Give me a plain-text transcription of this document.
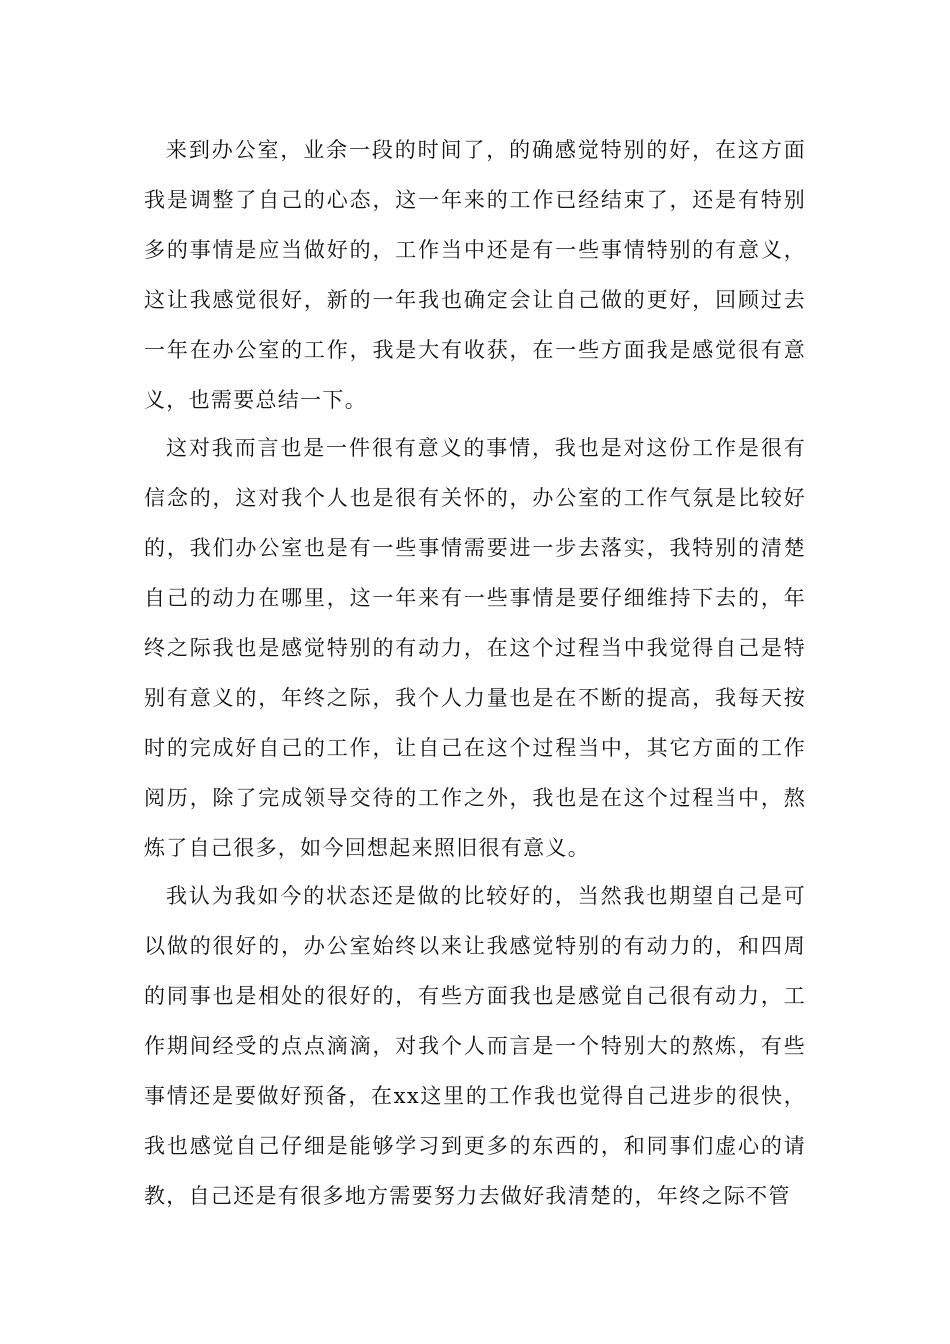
来到办公室，业余一段的时间了，的确感觉特别的好，在这方面我是调整了自己的心态，这一年来的工作已经结束了，还是有特别多的事情是应当做好的，工作当中还是有一些事情特别的有意义，这让我感觉很好，新的一年我也确定会让自己做的更好，回顾过去一年在办公室的工作，我是大有收获，在一些方面我是感觉很有意义，也需要总结一下。

这对我而言也是一件很有意义的事情，我也是对这份工作是很有信念的，这对我个人也是很有关怀的，办公室的工作气氛是比较好的，我们办公室也是有一些事情需要进一步去落实，我特别的清楚自己的动力在哪里，这一年来有一些事情是要仔细维持下去的，年终之际我也是感觉特别的有动力，在这个过程当中我觉得自己是特别有意义的，年终之际，我个人力量也是在不断的提高，我每天按时的完成好自己的工作，让自己在这个过程当中，其它方面的工作阅历，除了完成领导交待的工作之外，我也是在这个过程当中，熬炼了自己很多，如今回想起来照旧很有意义。

我认为我如今的状态还是做的比较好的，当然我也期望自己是可以做的很好的，办公室始终以来让我感觉特别的有动力的，和四周的同事也是相处的很好的，有些方面我也是感觉自己很有动力，工作期间经受的点点滴滴，对我个人而言是一个特别大的熬炼，有些事情还是要做好预备，在xx这里的工作我也觉得自己进步的很快，我也感觉自己仔细是能够学习到更多的东西的，和同事们虚心的请教，自己还是有很多地方需要努力去做好我清楚的，年终之际不管
